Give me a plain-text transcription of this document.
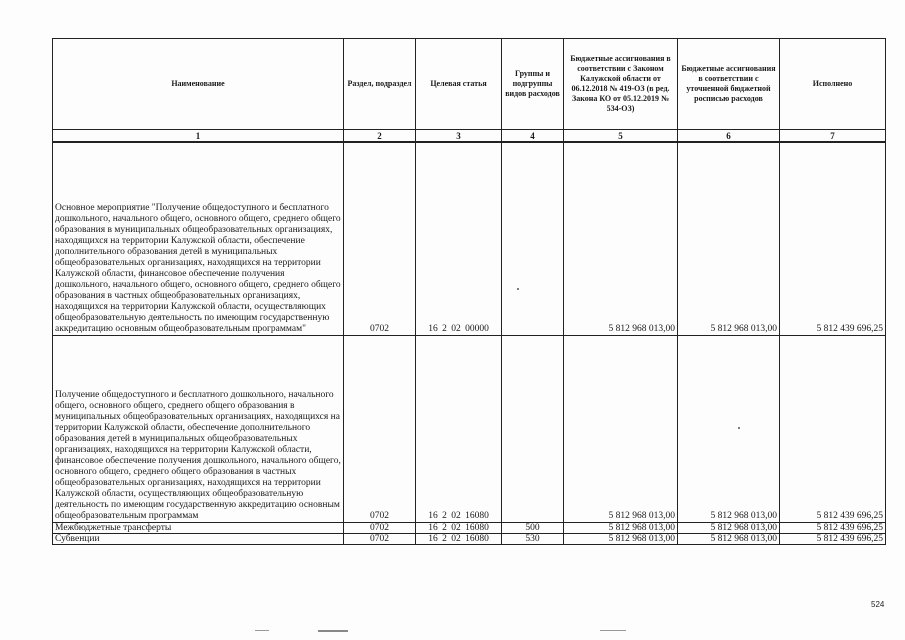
Наименование	Раздел, подраздел	Целевая статья	Группы и подгруппы видов расходов	Бюджетные ассигнования в соответствии с Законом Калужской области от 06.12.2018 № 419-ОЗ (в ред. Закона КО от 05.12.2019 № 534-ОЗ)	Бюджетные ассигнования в соответствии с уточненной бюджетной росписью расходов	Исполнено
1	2	3	4	5	6	7
Основное мероприятие "Получение общедоступного и бесплатного дошкольного, начального общего, основного общего, среднего общего образования в муниципальных общеобразовательных организациях, находящихся на территории Калужской области, обеспечение дополнительного образования детей в муниципальных общеобразовательных организациях, находящихся на территории Калужской области, финансовое обеспечение получения дошкольного, начального общего, основного общего, среднего общего образования в частных общеобразовательных организациях, находящихся на территории Калужской области, осуществляющих общеобразовательную деятельность по имеющим государственную аккредитацию основным общеобразовательным программам"	0702	16 2 02 00000		5 812 968 013,00	5 812 968 013,00	5 812 439 696,25
Получение общедоступного и бесплатного дошкольного, начального общего, основного общего, среднего общего образования в муниципальных общеобразовательных организациях, находящихся на территории Калужской области, обеспечение дополнительного образования детей в муниципальных общеобразовательных организациях, находящихся на территории Калужской области, финансовое обеспечение получения дошкольного, начального общего, основного общего, среднего общего образования в частных общеобразовательных организациях, находящихся на территории Калужской области, осуществляющих общеобразовательную деятельность по имеющим государственную аккредитацию основным общеобразовательным программам	0702	16 2 02 16080		5 812 968 013,00	5 812 968 013,00	5 812 439 696,25
Межбюджетные трансферты	0702	16 2 02 16080	500	5 812 968 013,00	5 812 968 013,00	5 812 439 696,25
Субвенции	0702	16 2 02 16080	530	5 812 968 013,00	5 812 968 013,00	5 812 439 696,25
524
